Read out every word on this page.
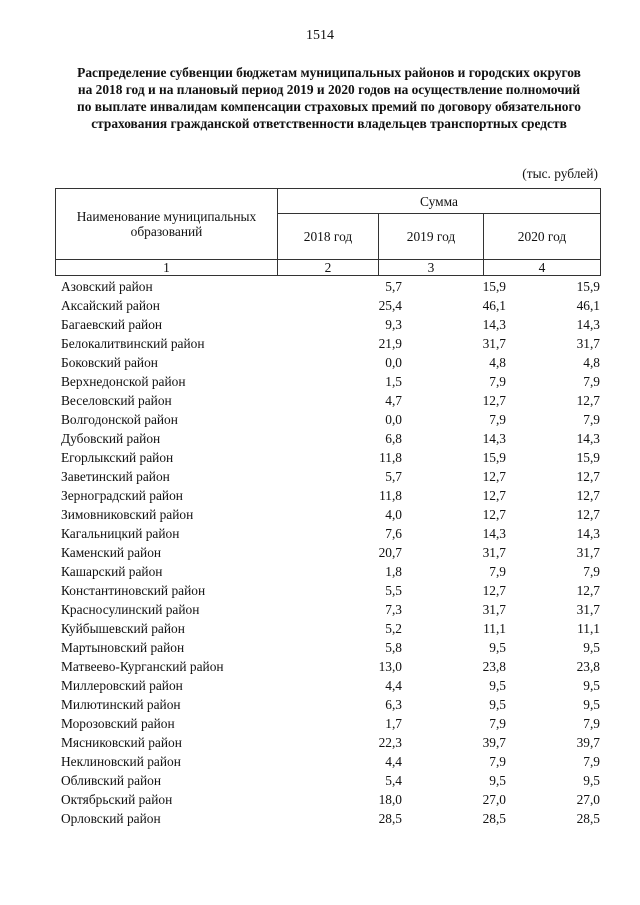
1514
Распределение субвенции бюджетам муниципальных районов и городских округов на 2018 год и на плановый период 2019 и 2020 годов на осуществление полномочий по выплате инвалидам компенсации страховых премий по договору обязательного страхования гражданской ответственности владельцев транспортных средств
(тыс. рублей)
Наименование муниципальных образований	Сумма		
	2018 год	2019 год	2020 год
1	2	3	4
Азовский район	5,7	15,9	15,9
Аксайский район	25,4	46,1	46,1
Багаевский район	9,3	14,3	14,3
Белокалитвинский район	21,9	31,7	31,7
Боковский район	0,0	4,8	4,8
Верхнедонской район	1,5	7,9	7,9
Веселовский район	4,7	12,7	12,7
Волгодонской район	0,0	7,9	7,9
Дубовский район	6,8	14,3	14,3
Егорлыкский район	11,8	15,9	15,9
Заветинский район	5,7	12,7	12,7
Зерноградский район	11,8	12,7	12,7
Зимовниковский район	4,0	12,7	12,7
Кагальницкий район	7,6	14,3	14,3
Каменский район	20,7	31,7	31,7
Кашарский район	1,8	7,9	7,9
Константиновский район	5,5	12,7	12,7
Красносулинский район	7,3	31,7	31,7
Куйбышевский район	5,2	11,1	11,1
Мартыновский район	5,8	9,5	9,5
Матвеево-Курганский район	13,0	23,8	23,8
Миллеровский район	4,4	9,5	9,5
Милютинский район	6,3	9,5	9,5
Морозовский район	1,7	7,9	7,9
Мясниковский район	22,3	39,7	39,7
Неклиновский район	4,4	7,9	7,9
Обливский район	5,4	9,5	9,5
Октябрьский район	18,0	27,0	27,0
Орловский район	28,5	28,5	28,5
